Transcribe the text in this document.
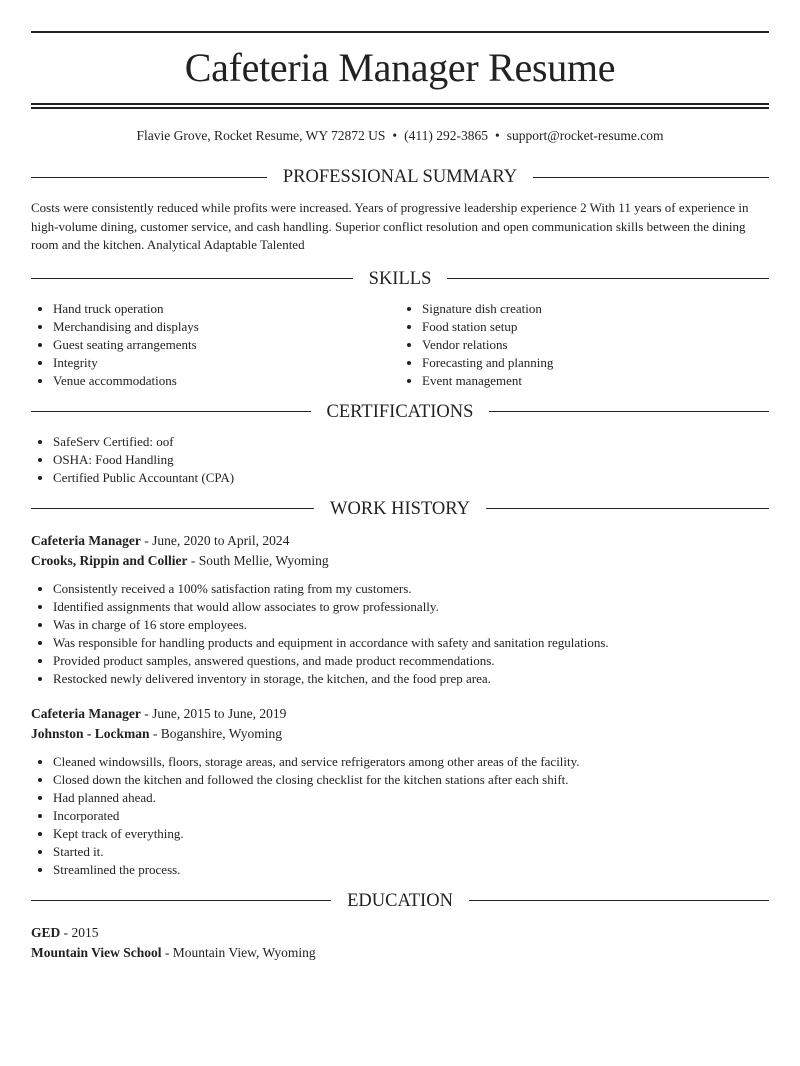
Cafeteria Manager Resume
Flavie Grove, Rocket Resume, WY 72872 US • (411) 292-3865 • support@rocket-resume.com
PROFESSIONAL SUMMARY

Costs were consistently reduced while profits were increased. Years of progressive leadership experience 2 With 11 years of experience in high-volume dining, customer service, and cash handling. Superior conflict resolution and open communication skills between the dining room and the kitchen. Analytical Adaptable Talented

SKILLS
• Hand truck operation
• Merchandising and displays
• Guest seating arrangements
• Integrity
• Venue accommodations
• Signature dish creation
• Food station setup
• Vendor relations
• Forecasting and planning
• Event management
CERTIFICATIONS
• SafeServ Certified: oof
• OSHA: Food Handling
• Certified Public Accountant (CPA)
WORK HISTORY
Cafeteria Manager - June, 2020 to April, 2024
Crooks, Rippin and Collier - South Mellie, Wyoming
• Consistently received a 100% satisfaction rating from my customers.
• Identified assignments that would allow associates to grow professionally.
• Was in charge of 16 store employees.
• Was responsible for handling products and equipment in accordance with safety and sanitation regulations.
• Provided product samples, answered questions, and made product recommendations.
• Restocked newly delivered inventory in storage, the kitchen, and the food prep area.
Cafeteria Manager - June, 2015 to June, 2019
Johnston - Lockman - Boganshire, Wyoming
• Cleaned windowsills, floors, storage areas, and service refrigerators among other areas of the facility.
• Closed down the kitchen and followed the closing checklist for the kitchen stations after each shift.
• Had planned ahead.
• Incorporated
• Kept track of everything.
• Started it.
• Streamlined the process.
EDUCATION
GED - 2015
Mountain View School - Mountain View, Wyoming
